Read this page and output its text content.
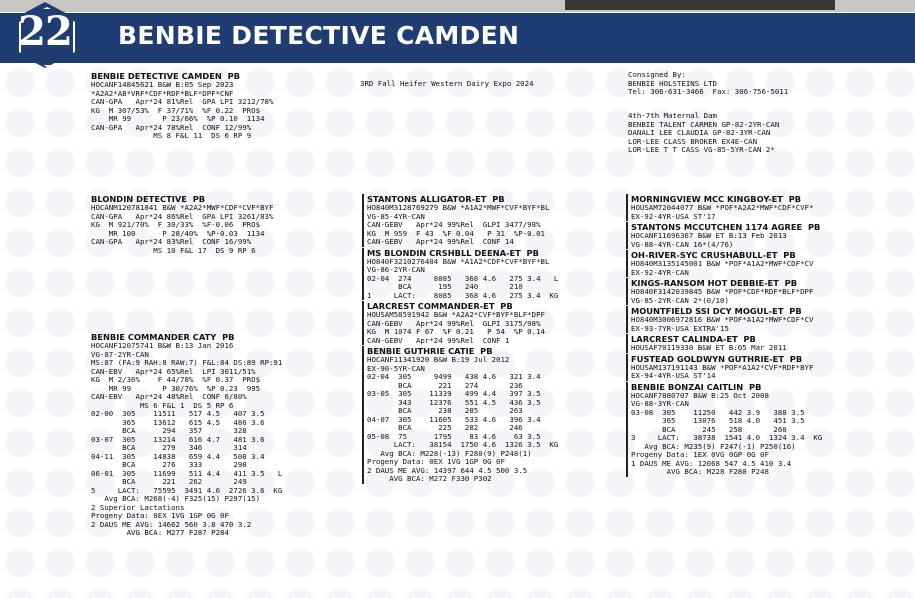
22 BENBIE DETECTIVE CAMDEN
BENBIE DETECTIVE CAMDEN  PB
HOCANF14845621 B&W B:05 Sep 2023
*A2A2*AB*VRF*CDF*RDF*BLF*DPF*CNF
CAN-GPA   Apr*24 81%Rel  GPA LPI 3212/78%
KG  M 307/53%  F 37/71%  %F 0.22  PRO$
MR 99       P 23/66%  %P 0.10  1134
CAN-GPA   Apr*24 78%Rel  CONF 12/99%
MS 8 F&L 11  DS 6 RP 9
BLONDIN DETECTIVE  PB
HOCANM120781841 B&W *A2A2*MWF*CDF*CVF*BYF
CAN-GPA   Apr*24 86%Rel  GPA LPI 3261/83%
KG  M 921/70%  F 30/33%  %F-0.06  PRO$
MR 100      P 28/40%  %P-0.03  1134
CAN-GPA   Apr*24 83%Rel  CONF 16/99%
MS 10 F&L 17  DS 9 RP 6
BENBIE COMMANDER CATY  PB
HOCANF12075741 B&W B:13 Jan 2016
VG-87-2YR-CAN
MS:87 (FA:9 RAH:8 RAW:7) F&L:84 DS:89 RP:91
CAN-EBV   Apr*24 65%Rel  LPI 3011/51%
KG  M 2/36%    F 44/78%  %F 0.37  PRO$
MR 99       P 30/76%  %P 0.23  995
CAN-EBV   Apr*24 48%Rel  CONF 6/80%
MS 6 F&L 1  DS 5 RP 6
02-00  305    11511   517 4.5   407 3.5
365    13612   615 4.5   486 3.6
BCA      294   357       328
03-07  305    13214   616 4.7   481 3.6
BCA      279   346       314
04-11  305    14838   659 4.4   500 3.4
BCA      276   333       298
06-01  305    11699   511 4.4   411 3.5   L
BCA      221   262       249
5     LACT:   75595  3491 4.6  2726 3.6  KG
Avg BCA: M268(-4) F325(15) P297(15)
2 Superior Lactations
Progeny Data: 0EX 1VG 1GP 0G 0F
2 DAUS ME AVG: 14662 560 3.8 470 3.2
AVG BCA: M277 F287 P284
3RD Fall Heifer Western Dairy Expo 2024
STANTONS ALLIGATOR-ET  PB
HO840M3128769279 B&W *A1A2*MWF*CVF*BYF*BL
VG-85-4YR-CAN
CAN-GEBV   Apr*24 99%Rel  GLPI 3477/98%
KG  M 959  F 43  %F 0.04   P 31  %P-0.01
CAN-GEBV   Apr*24 99%Rel  CONF 14
MS BLONDIN CRSHBLL DEENA-ET  PB
HO840F3210276404 B&W *A1A2*CDF*CVF*BYF*BL
VG-86-2YR-CAN
02-04  274     8085   368 4.6   275 3.4   L
BCA      195   240       210
1     LACT:    8085   368 4.6   275 3.4  KG
LARCREST COMMANDER-ET  PB
HOUSAM58591942 B&W *A2A2*CVF*BYF*BLF*DPF
CAN-GEBV   Apr*24 99%Rel  GLPI 3175/98%
KG  M 1074 F 67  %F 0.21   P 54  %P 0.14
CAN-GEBV   Apr*24 99%Rel  CONF 1
BENBIE GUTHRIE CATIE  PB
HOCANF11341920 B&W B:19 Jul 2012
EX-90-5YR-CAN
02-04  305     9499   438 4.6   321 3.4
BCA      221   274       236
03-05  305    11339   499 4.4   397 3.5
343    12376   551 4.5   436 3.5
BCA      238   285       263
04-07  305    11605   533 4.6   396 3.4
BCA      225   282       246
05-08  75      1795    83 4.6    63 3.5
LACT:   38154  1750 4.6  1326 3.5  KG
Avg BCA: M228(-13) F280(9) P248(1)
Progeny Data: 0EX 1VG 1GP 0G 0F
2 DAUS ME AVG: 14397 644 4.5 500 3.5
AVG BCA: M272 F330 P302
Consigned By:
BENBIE HOLSTEINS LTD
Tel: 306-631-3466  Fax: 306-756-5011
4th-7th Maternal Dam
BENBIE TALENT CARMEN GP-82-2YR-CAN
DANALI LEE CLAUDIA GP-82-3YR-CAN
LOR-LEE CLASS BROKER EX4E-CAN
LOR-LEE T T CASS VG-85-5YR-CAN 2*
MORNINGVIEW MCC KINGBOY-ET  PB
HOUSAM72044077 B&W *POF*A2A2*MWF*CDF*CVF*
EX-92-4YR-USA ST'17
STANTONS MCCUTCHEN 1174 AGREE  PB
HOCANF11696367 B&W ET B:13 Feb 2013
VG-88-4YR-CAN 16*(4/76)
OH-RIVER-SYC CRUSHABULL-ET  PB
HO840M3135145001 B&W *POF*A1A2*MWF*CDF*CV
EX-92-4YR-CAN
KINGS-RANSOM HOT DEBBIE-ET  PB
HO840F3142039845 B&W *POF*CDF*RDF*BLF*DPF
VG-85-2YR-CAN 2*(0/10)
MOUNTFIELD SSI DCY MOGUL-ET  PB
HO840M3006972816 B&W *POF*A1A2*MWF*CDF*CV
EX-93-7YR-USA EXTRA'15
LARCREST CALINDA-ET  PB
HOUSAF70119330 B&W ET B:05 Mar 2011
FUSTEAD GOLDWYN GUTHRIE-ET  PB
HOUSAM137191143 B&W *POF*A1A2*CVF*RDF*BYF
EX-94-4YR-USA ST'14
BENBIE BONZAI CAITLIN  PB
HOCANF7880707 B&W B:25 Oct 2008
VG-88-3YR-CAN
03-08  305    11250   442 3.9   388 3.5
365    13076   518 4.0   451 3.5
BCA      245   258       260
3     LACT:   38738  1541 4.0  1324 3.4  KG
Avg BCA: M235(9) F247(-1) P250(16)
Progeny Data: 1EX 0VG 0GP 0G 0F
1 DAUS ME AVG: 12068 547 4.5 410 3.4
AVG BCA: M228 F280 P248
